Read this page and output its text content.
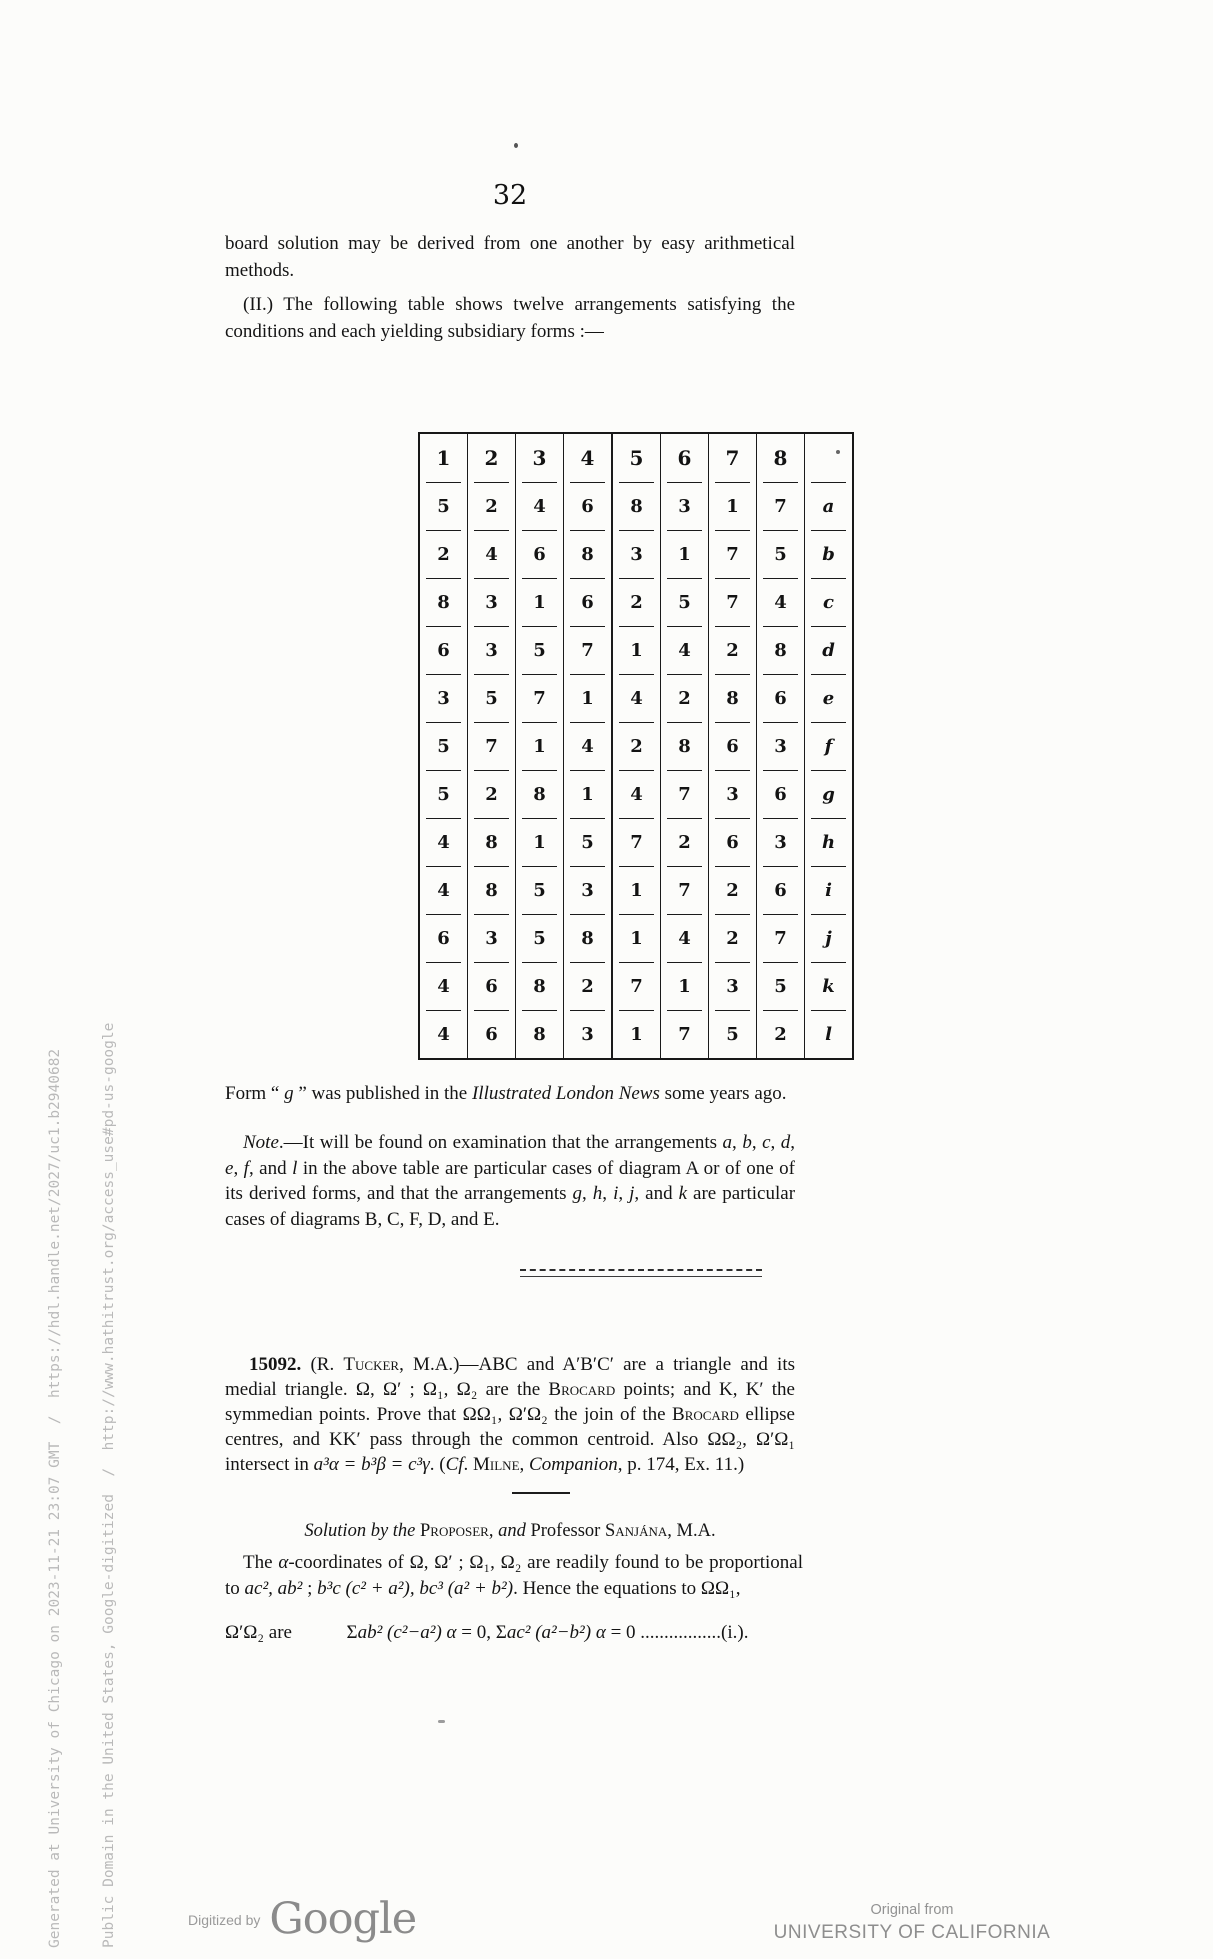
Generated at University of Chicago on 2023-11-21 23:07 GMT  /  https://hdl.handle.net/2027/uc1.b2940682

	Public Domain in the United States, Google-digitized  /  http://www.hathitrust.org/access_use#pd-us-google

32

board solution may be derived from one another by easy arithmetical methods.

(II.) The following table shows twelve arrangements satisfying the conditions and each yielding subsidiary forms :—

1	2	3	4	5	6	7	8	
5	2	4	6	8	3	1	7	a
2	4	6	8	3	1	7	5	b
8	3	1	6	2	5	7	4	c
6	3	5	7	1	4	2	8	d
3	5	7	1	4	2	8	6	e
5	7	1	4	2	8	6	3	f
5	2	8	1	4	7	3	6	g
4	8	1	5	7	2	6	3	h
4	8	5	3	1	7	2	6	i
6	3	5	8	1	4	2	7	j
4	6	8	2	7	1	3	5	k
4	6	8	3	1	7	5	2	l

Form “ g ” was published in the Illustrated London News some years ago.

Note.—It will be found on examination that the arrangements a, b, c, d, e, f, and l in the above table are particular cases of diagram A or of one of its derived forms, and that the arrangements g, h, i, j, and k are particular cases of diagrams B, C, F, D, and E.

15092. (R. Tucker, M.A.)—ABC and A′B′C′ are a triangle and its medial triangle. Ω, Ω′ ; Ω₁, Ω₂ are the Brocard points; and K, K′ the symmedian points. Prove that ΩΩ₁, Ω′Ω₂ the join of the Brocard ellipse centres, and KK′ pass through the common centroid. Also ΩΩ₂, Ω′Ω₁ intersect in a³α = b³β = c³γ. (Cf. Milne, Companion, p. 174, Ex. 11.)

Solution by the Proposer, and Professor Sanjána, M.A.

The α-coordinates of Ω, Ω′ ; Ω₁, Ω₂ are readily found to be proportional to ac², ab² ; b³c (c² + a²), bc³ (a² + b²). Hence the equations to ΩΩ₁,

Ω′Ω₂ are	Σab² (c²−a²) α = 0, Σac² (a²−b²) α = 0 .................(i.).
Digitized by Google	Original from
UNIVERSITY OF CALIFORNIA
